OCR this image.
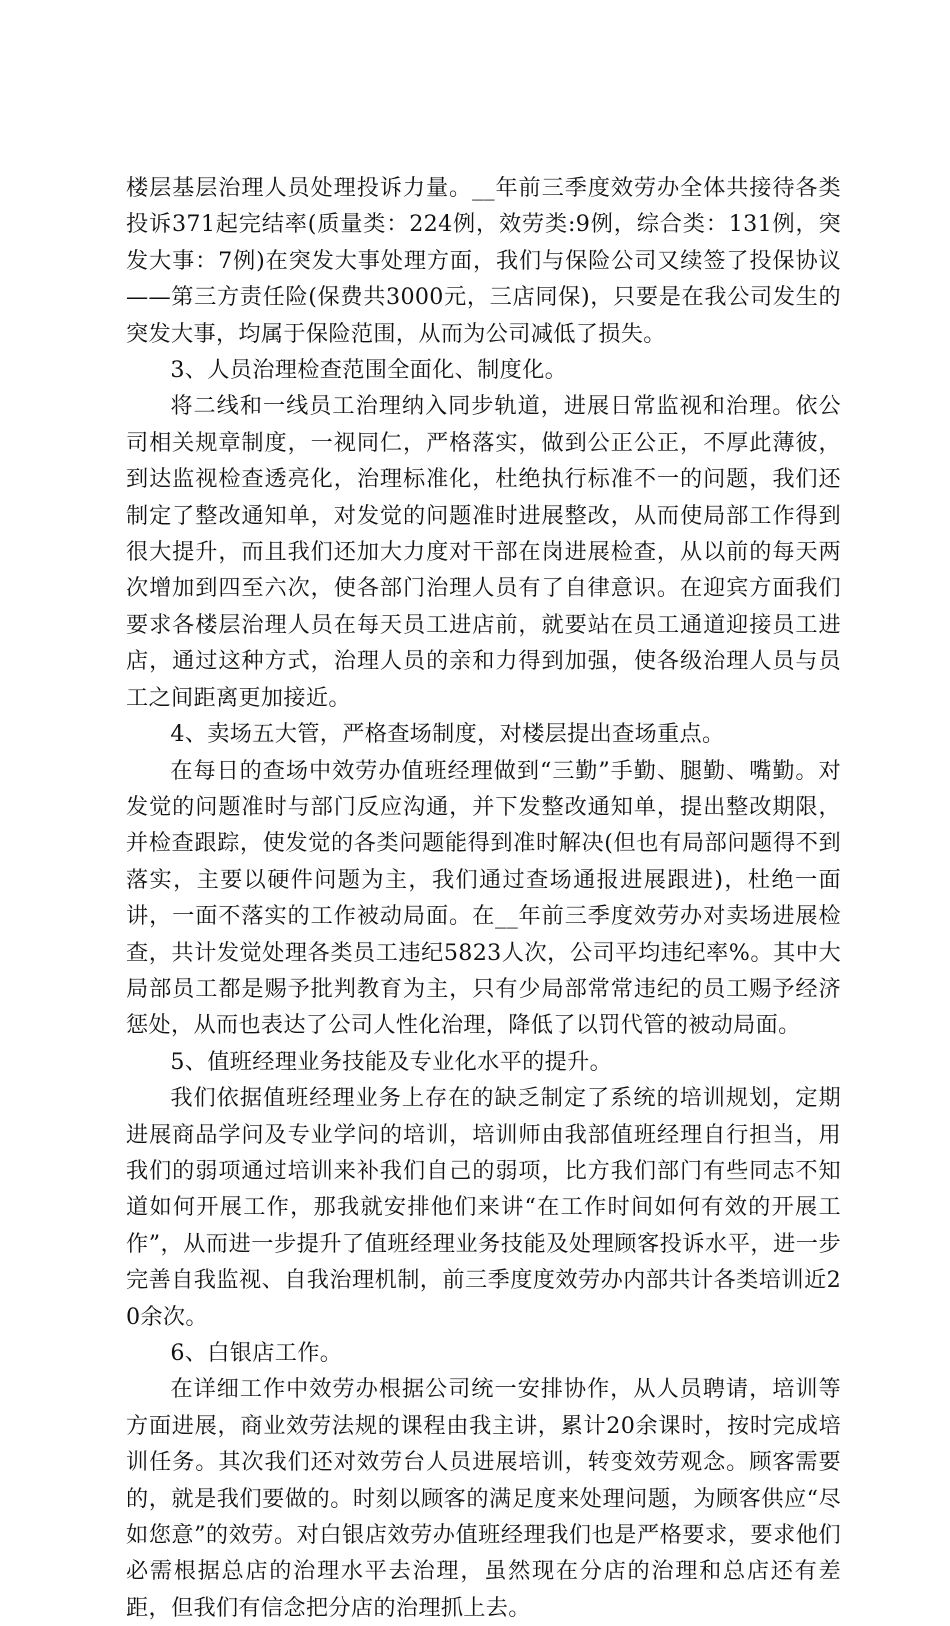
楼层基层治理人员处理投诉力量。__年前三季度效劳办全体共接待各类投诉371起完结率(质量类：224例，效劳类:9例，综合类：131例，突发大事：7例)在突发大事处理方面，我们与保险公司又续签了投保协议——第三方责任险(保费共3000元，三店同保)，只要是在我公司发生的突发大事，均属于保险范围，从而为公司减低了损失。

3、人员治理检查范围全面化、制度化。

将二线和一线员工治理纳入同步轨道，进展日常监视和治理。依公司相关规章制度，一视同仁，严格落实，做到公正公正，不厚此薄彼，到达监视检查透亮化，治理标准化，杜绝执行标准不一的问题，我们还制定了整改通知单，对发觉的问题准时进展整改，从而使局部工作得到很大提升，而且我们还加大力度对干部在岗进展检查，从以前的每天两次增加到四至六次，使各部门治理人员有了自律意识。在迎宾方面我们要求各楼层治理人员在每天员工进店前，就要站在员工通道迎接员工进店，通过这种方式，治理人员的亲和力得到加强，使各级治理人员与员工之间距离更加接近。

4、卖场五大管，严格查场制度，对楼层提出查场重点。

在每日的查场中效劳办值班经理做到“三勤”手勤、腿勤、嘴勤。对发觉的问题准时与部门反应沟通，并下发整改通知单，提出整改期限，并检查跟踪，使发觉的各类问题能得到准时解决(但也有局部问题得不到落实，主要以硬件问题为主，我们通过查场通报进展跟进)，杜绝一面讲，一面不落实的工作被动局面。在__年前三季度效劳办对卖场进展检查，共计发觉处理各类员工违纪5823人次，公司平均违纪率%。其中大局部员工都是赐予批判教育为主，只有少局部常常违纪的员工赐予经济惩处，从而也表达了公司人性化治理，降低了以罚代管的被动局面。

5、值班经理业务技能及专业化水平的提升。

我们依据值班经理业务上存在的缺乏制定了系统的培训规划，定期进展商品学问及专业学问的培训，培训师由我部值班经理自行担当，用我们的弱项通过培训来补我们自己的弱项，比方我们部门有些同志不知道如何开展工作，那我就安排他们来讲“在工作时间如何有效的开展工作”，从而进一步提升了值班经理业务技能及处理顾客投诉水平，进一步完善自我监视、自我治理机制，前三季度度效劳办内部共计各类培训近20余次。

6、白银店工作。

在详细工作中效劳办根据公司统一安排协作，从人员聘请，培训等方面进展，商业效劳法规的课程由我主讲，累计20余课时，按时完成培训任务。其次我们还对效劳台人员进展培训，转变效劳观念。顾客需要的，就是我们要做的。时刻以顾客的满足度来处理问题，为顾客供应“尽如您意”的效劳。对白银店效劳办值班经理我们也是严格要求，要求他们必需根据总店的治理水平去治理，虽然现在分店的治理和总店还有差距，但我们有信念把分店的治理抓上去。
